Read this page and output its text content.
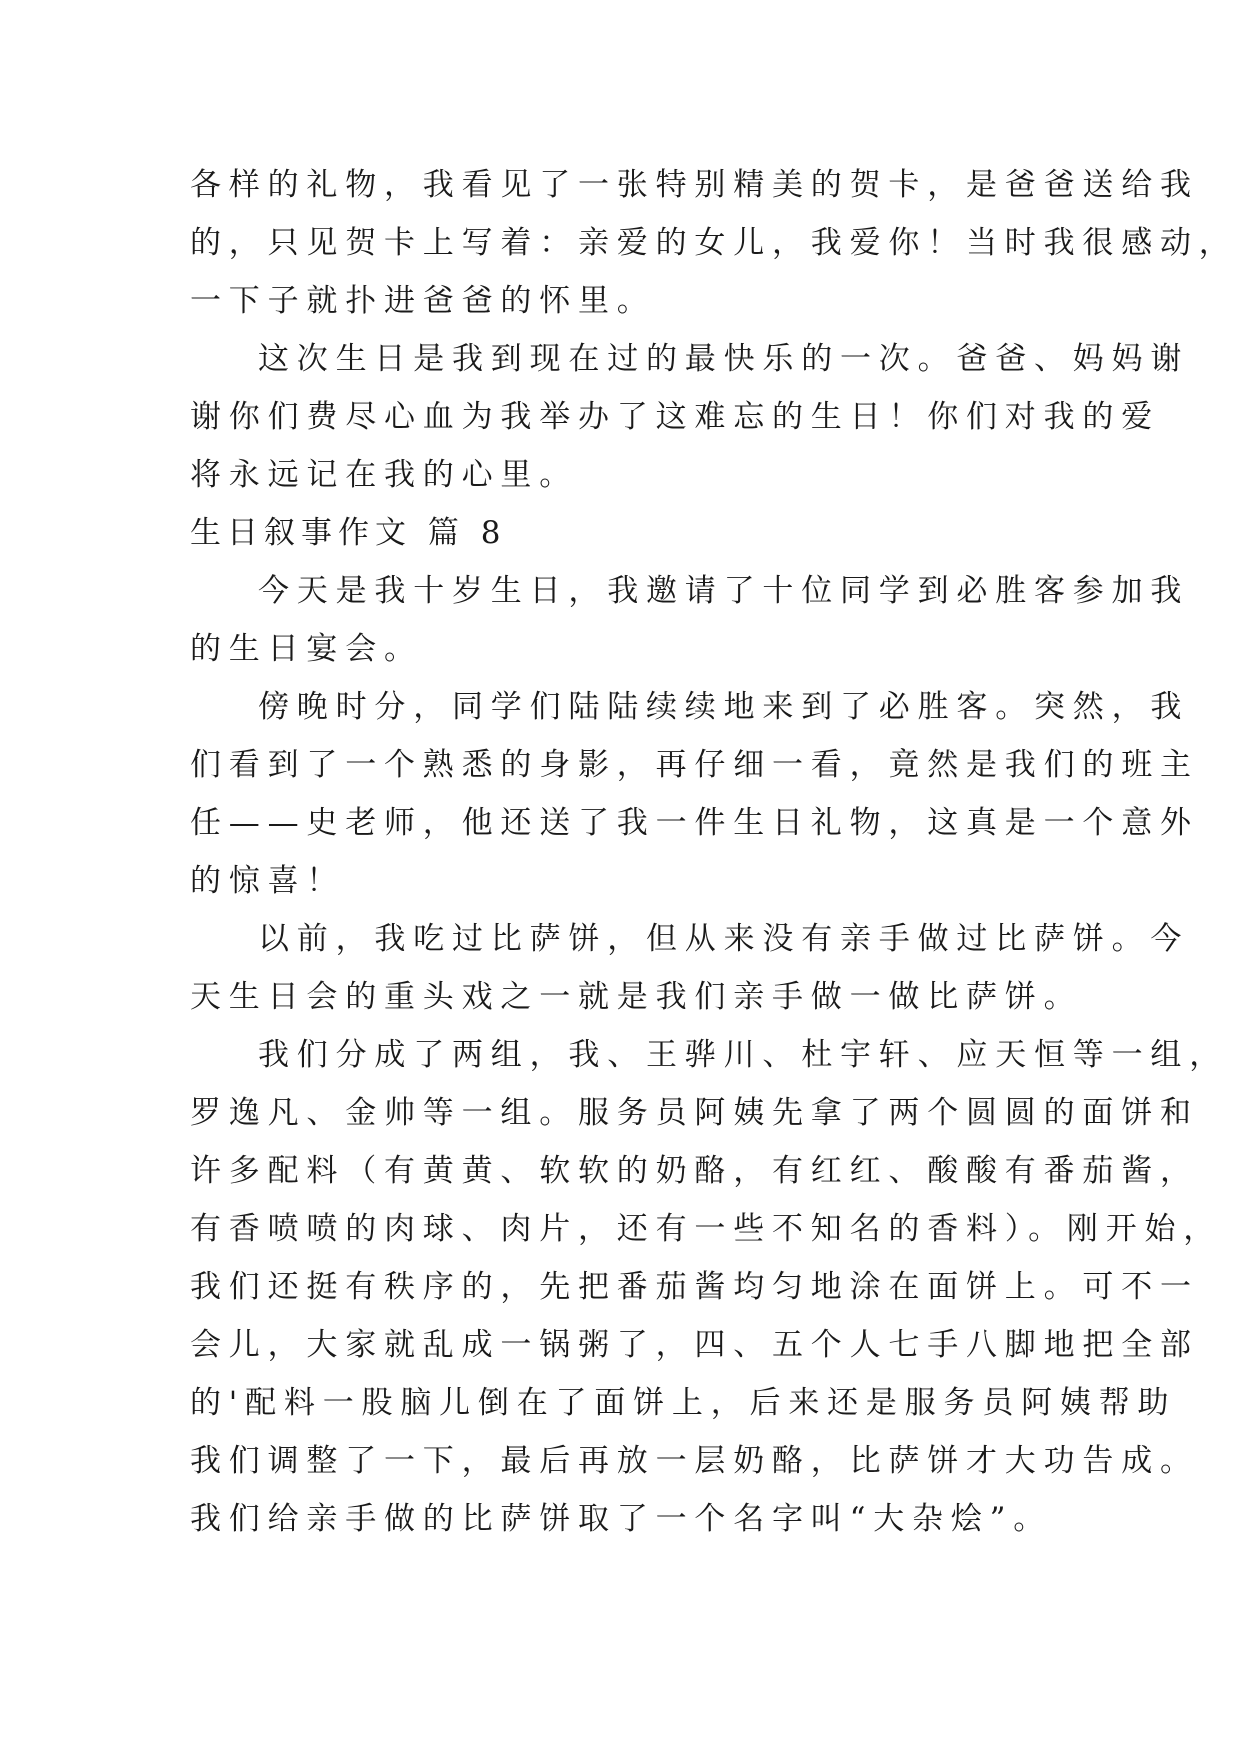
各样的礼物，我看见了一张特别精美的贺卡，是爸爸送给我
的，只见贺卡上写着：亲爱的女儿，我爱你！当时我很感动，
一下子就扑进爸爸的怀里。
这次生日是我到现在过的最快乐的一次。爸爸、妈妈谢
谢你们费尽心血为我举办了这难忘的生日！你们对我的爱
将永远记在我的心里。
生日叙事作文 篇 8
今天是我十岁生日，我邀请了十位同学到必胜客参加我
的生日宴会。
傍晚时分，同学们陆陆续续地来到了必胜客。突然，我
们看到了一个熟悉的身影，再仔细一看，竟然是我们的班主
任——史老师，他还送了我一件生日礼物，这真是一个意外
的惊喜！
以前，我吃过比萨饼，但从来没有亲手做过比萨饼。今
天生日会的重头戏之一就是我们亲手做一做比萨饼。
我们分成了两组，我、王骅川、杜宇轩、应天恒等一组，
罗逸凡、金帅等一组。服务员阿姨先拿了两个圆圆的面饼和
许多配料（有黄黄、软软的奶酪，有红红、酸酸有番茄酱，
有香喷喷的肉球、肉片，还有一些不知名的香料）。刚开始，
我们还挺有秩序的，先把番茄酱均匀地涂在面饼上。可不一
会儿，大家就乱成一锅粥了，四、五个人七手八脚地把全部
的'配料一股脑儿倒在了面饼上，后来还是服务员阿姨帮助
我们调整了一下，最后再放一层奶酪，比萨饼才大功告成。
我们给亲手做的比萨饼取了一个名字叫“大杂烩”。
